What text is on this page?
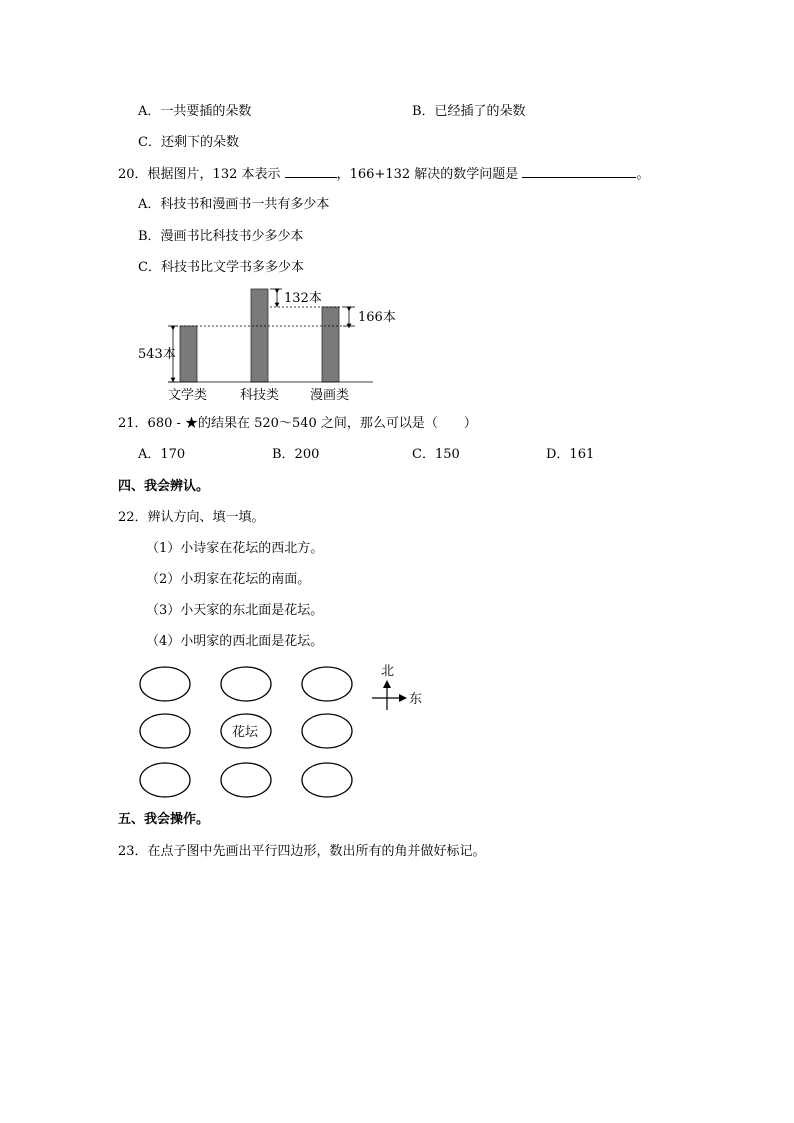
A．一共要插的朵数	B．已经插了的朵数
C．还剩下的朵数
20．根据图片，132 本表示	，166+132 解决的数学问题是	。
A．科技书和漫画书一共有多少本
B．漫画书比科技书少多少本
C．科技书比文学书多多少本
132本
166本
543本
文学类	科技类 漫画类
21．680 - ★的结果在 520～540 之间，那么可以是（　　）
A．170	B．200	C．150	D．161
四、我会辨认。
22．辨认方向、填一填。
（1）小诗家在花坛的西北方。
（2）小玥家在花坛的南面。
（3）小天家的东北面是花坛。
（4）小明家的西北面是花坛。
花坛
北
东
五、我会操作。
23．在点子图中先画出平行四边形，数出所有的角并做好标记。
